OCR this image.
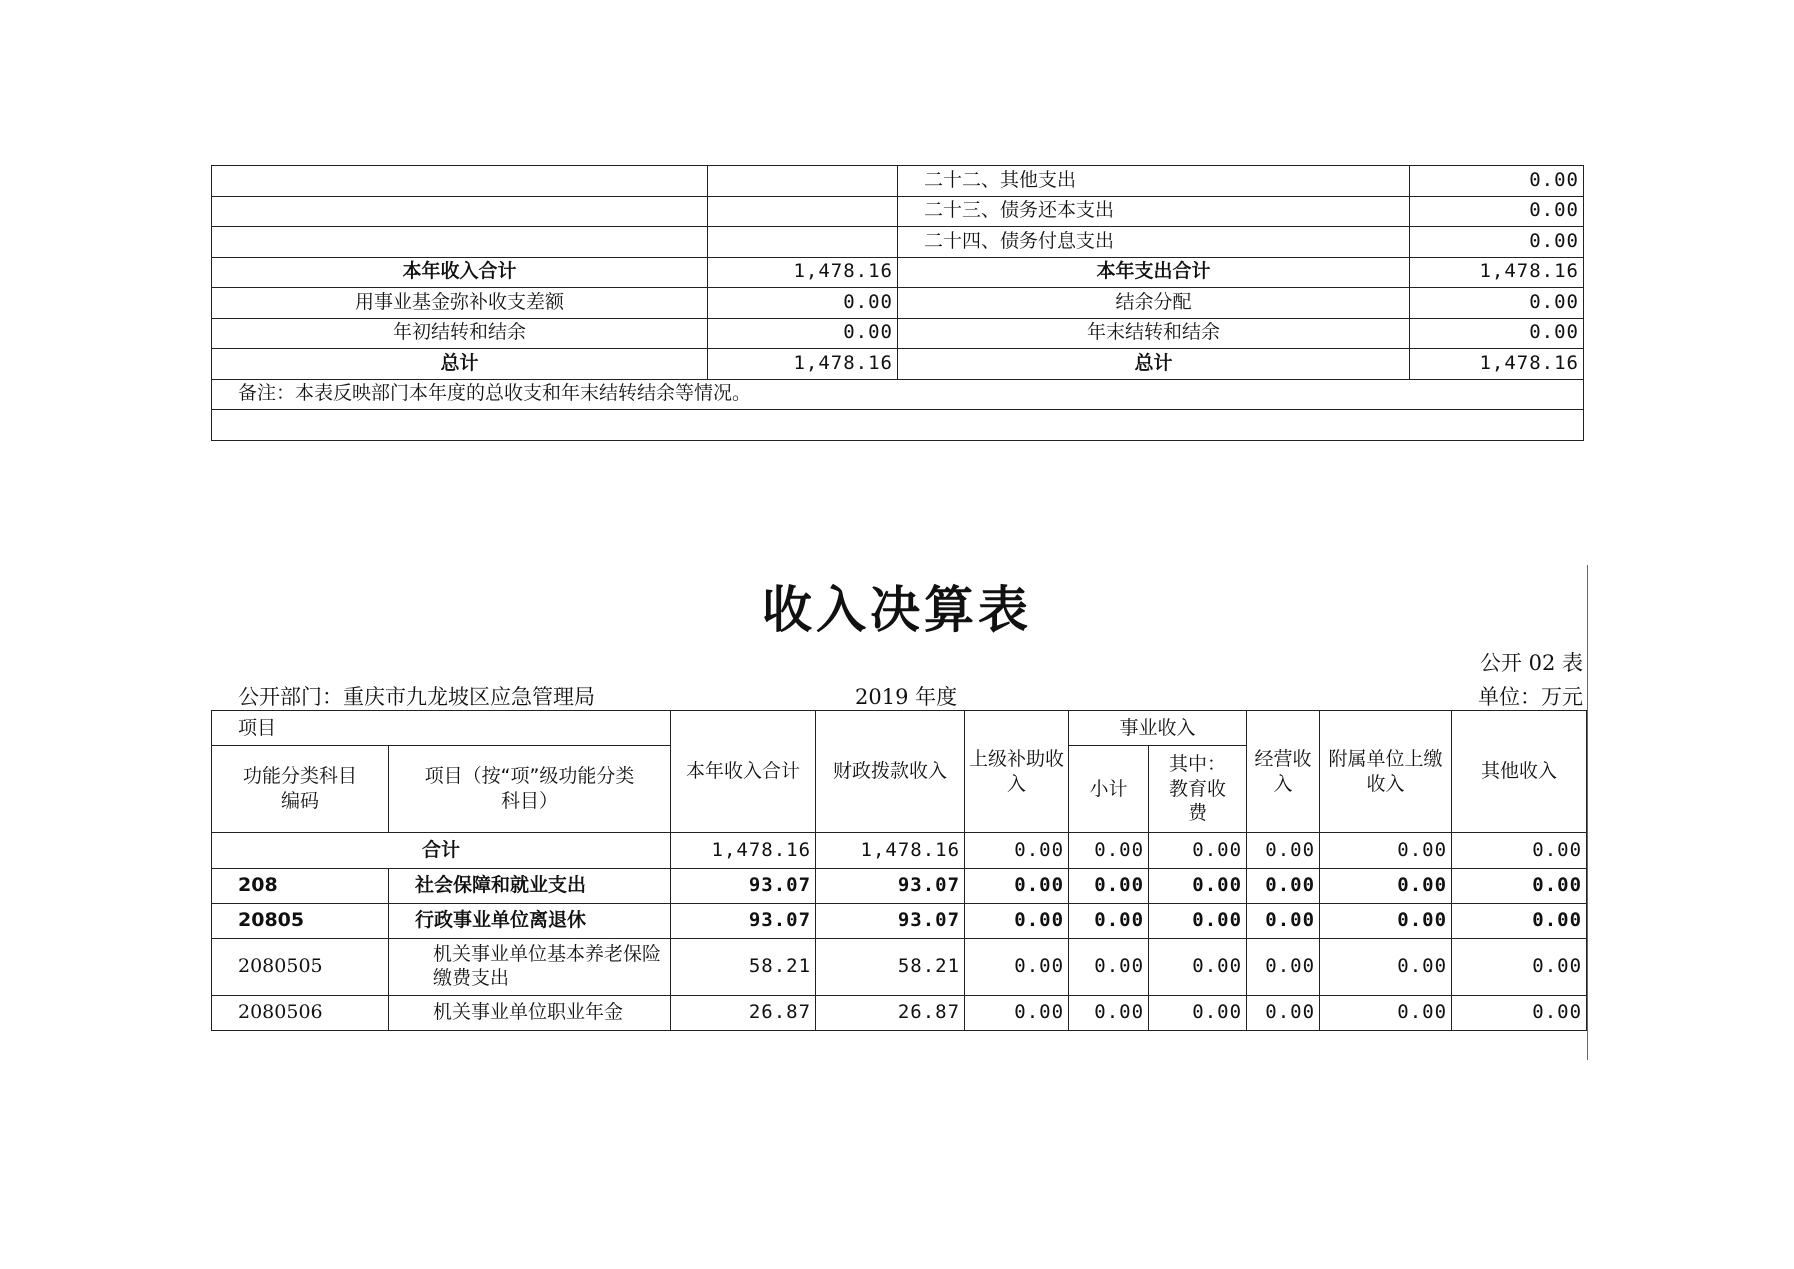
		二十二、其他支出	0.00
		二十三、债务还本支出	0.00
		二十四、债务付息支出	0.00
本年收入合计	1,478.16	本年支出合计	1,478.16
用事业基金弥补收支差额	0.00	结余分配	0.00
年初结转和结余	0.00	年末结转和结余	0.00
总计	1,478.16	总计	1,478.16
备注：本表反映部门本年度的总收支和年末结转结余等情况。			

收入决算表
公开 02 表
公开部门：重庆市九龙坡区应急管理局	2019 年度	单位：万元
项目		本年收入合计	财政拨款收入	上级补助收入	事业收入		经营收入	附属单位上缴收入	其他收入
功能分类科目编码	项目（按“项”级功能分类科目）								
					小计	其中：教育收费			
合计		1,478.16	1,478.16	0.00	0.00	0.00	0.00	0.00	0.00
208	社会保障和就业支出	93.07	93.07	0.00	0.00	0.00	0.00	0.00	0.00
20805	行政事业单位离退休	93.07	93.07	0.00	0.00	0.00	0.00	0.00	0.00
2080505	机关事业单位基本养老保险缴费支出	58.21	58.21	0.00	0.00	0.00	0.00	0.00	0.00
2080506	机关事业单位职业年金	26.87	26.87	0.00	0.00	0.00	0.00	0.00	0.00
